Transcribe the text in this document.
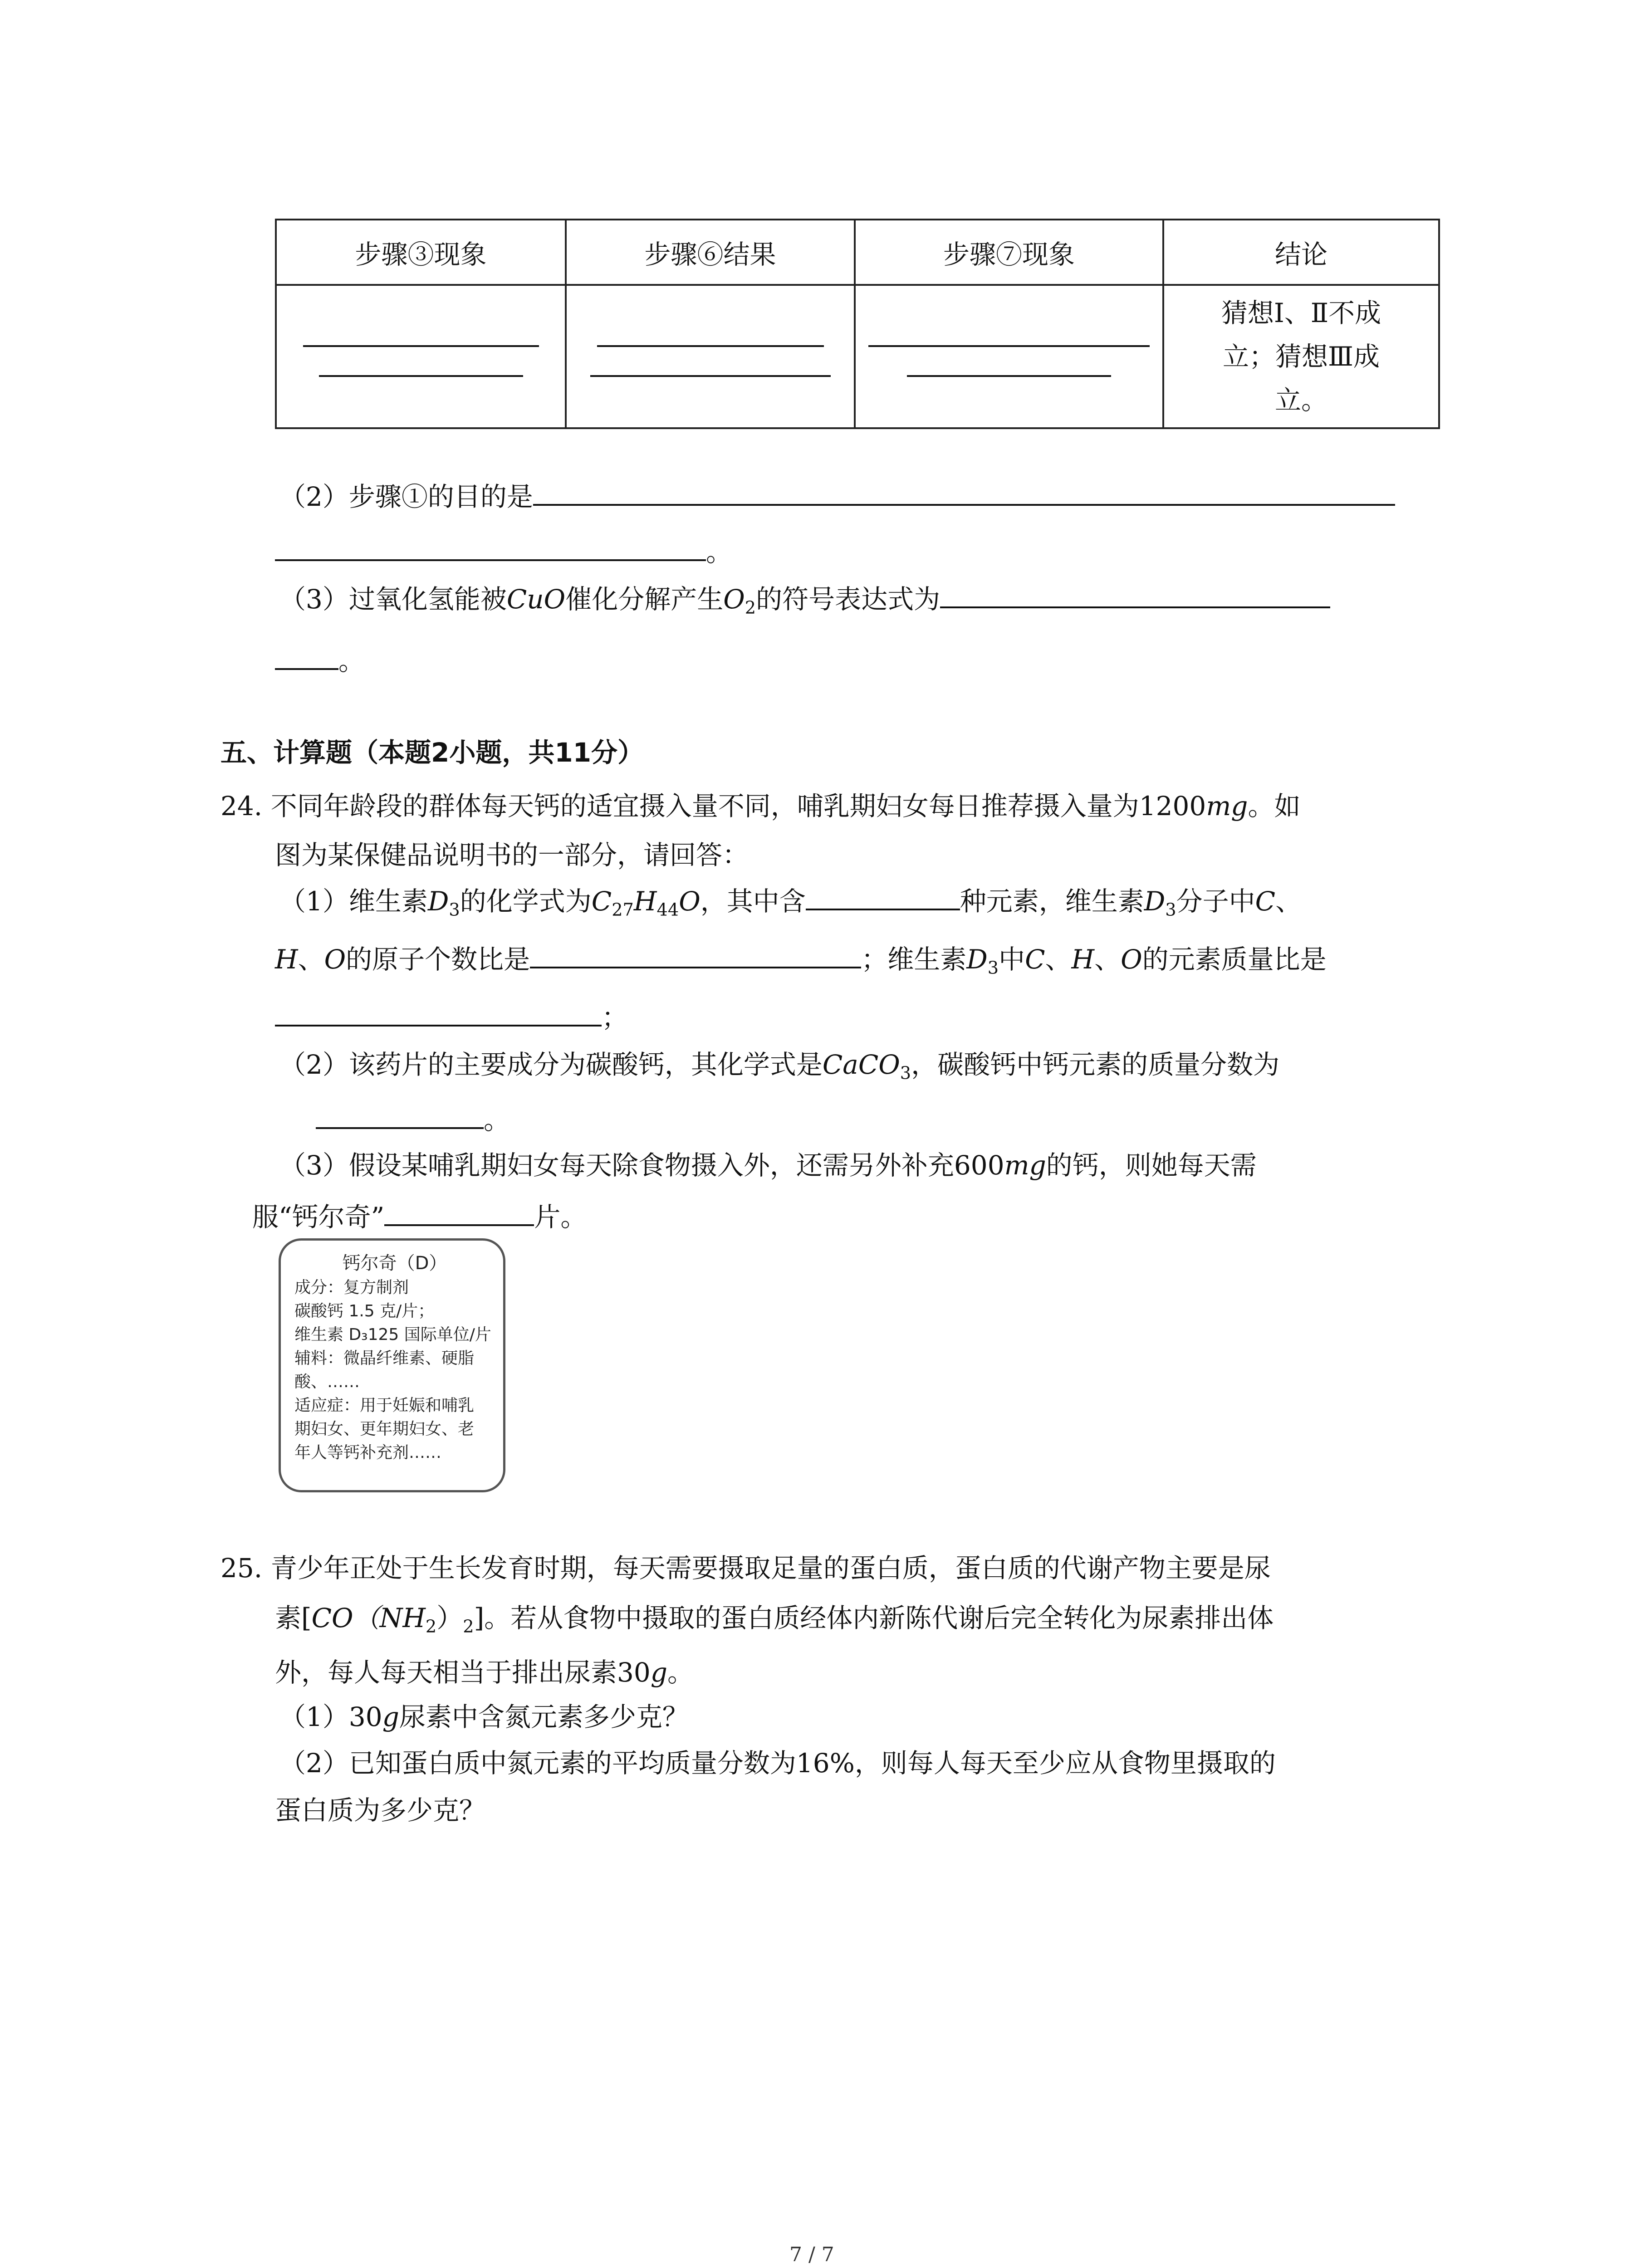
步骤③现象	步骤⑥结果	步骤⑦现象	结论

			猜想Ⅰ、Ⅱ不成
立；猜想Ⅲ成
立。
（2）步骤①的目的是
。
（3）过氧化氢能被CuO催化分解产生$O_2$的符号表达式为
。
五、计算题（本题2小题，共11分）
24. 不同年龄段的群体每天钙的适宜摄入量不同，哺乳期妇女每日推荐摄入量为1200mg。如
图为某保健品说明书的一部分，请回答：
（1）维生素$D_3$的化学式为$C_{27}H_{44}O$，其中含	种元素，维生素$D_3$分子中C、
H、O的原子个数比是	；维生素$D_3$中C、H、O的元素质量比是
；
（2）该药片的主要成分为碳酸钙，其化学式是CaCO$_3$，碳酸钙中钙元素的质量分数为
。
（3）假设某哺乳期妇女每天除食物摄入外，还需另外补充600mg的钙，则她每天需
服“钙尔奇”	片。
钙尔奇（D）
成分：复方制剂
碳酸钙 1.5 克/片；
维生素 D₃125 国际单位/片
辅料：微晶纤维素、硬脂
酸、……
适应症：用于妊娠和哺乳
期妇女、更年期妇女、老
年人等钙补充剂……
25. 青少年正处于生长发育时期，每天需要摄取足量的蛋白质，蛋白质的代谢产物主要是尿
素$[CO(NH_2)_2]$。若从食物中摄取的蛋白质经体内新陈代谢后完全转化为尿素排出体
外，每人每天相当于排出尿素30g。
（1）30g尿素中含氮元素多少克？
（2）已知蛋白质中氮元素的平均质量分数为16%，则每人每天至少应从食物里摄取的
蛋白质为多少克？
7 / 7
